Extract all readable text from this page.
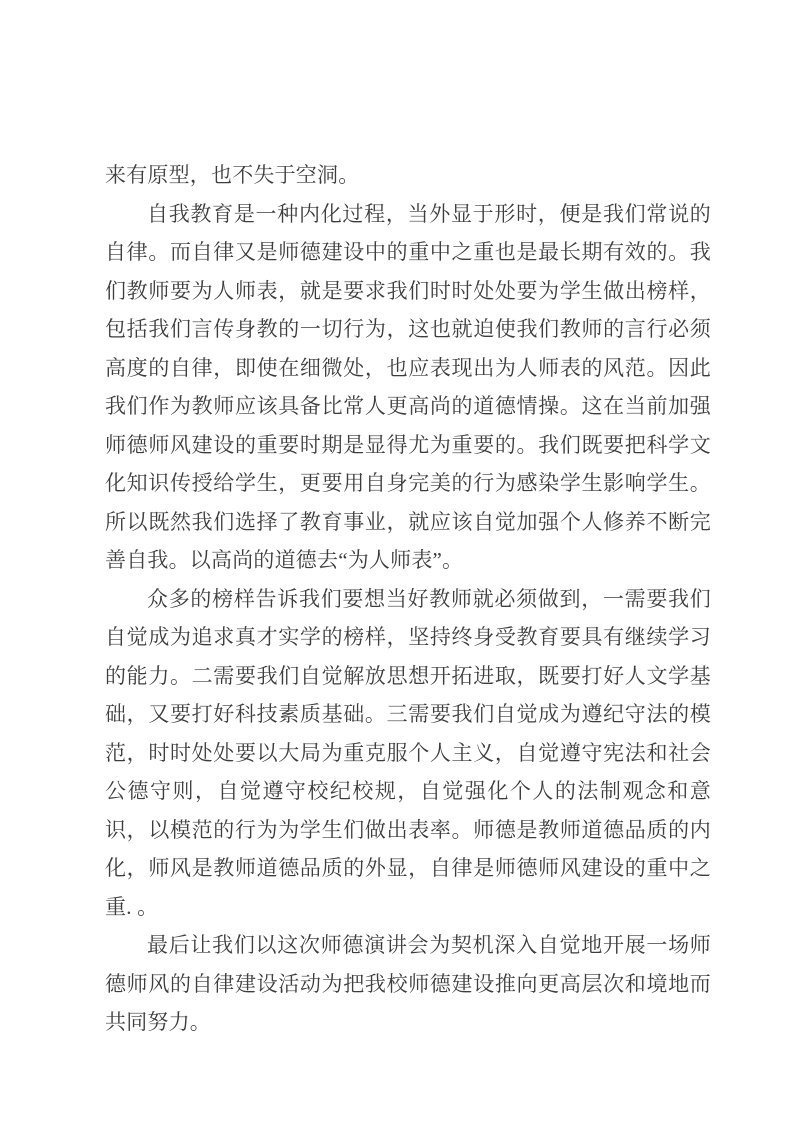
来有原型，也不失于空洞。

自我教育是一种内化过程，当外显于形时，便是我们常说的自律。而自律又是师德建设中的重中之重也是最长期有效的。我们教师要为人师表，就是要求我们时时处处要为学生做出榜样，包括我们言传身教的一切行为，这也就迫使我们教师的言行必须高度的自律，即使在细微处，也应表现出为人师表的风范。因此我们作为教师应该具备比常人更高尚的道德情操。这在当前加强师德师风建设的重要时期是显得尤为重要的。我们既要把科学文化知识传授给学生，更要用自身完美的行为感染学生影响学生。所以既然我们选择了教育事业，就应该自觉加强个人修养不断完善自我。以高尚的道德去“为人师表”。

众多的榜样告诉我们要想当好教师就必须做到，一需要我们自觉成为追求真才实学的榜样，坚持终身受教育要具有继续学习的能力。二需要我们自觉解放思想开拓进取，既要打好人文学基础，又要打好科技素质基础。三需要我们自觉成为遵纪守法的模范，时时处处要以大局为重克服个人主义，自觉遵守宪法和社会公德守则，自觉遵守校纪校规，自觉强化个人的法制观念和意识，以模范的行为为学生们做出表率。师德是教师道德品质的内化，师风是教师道德品质的外显，自律是师德师风建设的重中之重. 。

最后让我们以这次师德演讲会为契机深入自觉地开展一场师德师风的自律建设活动为把我校师德建设推向更高层次和境地而共同努力。
